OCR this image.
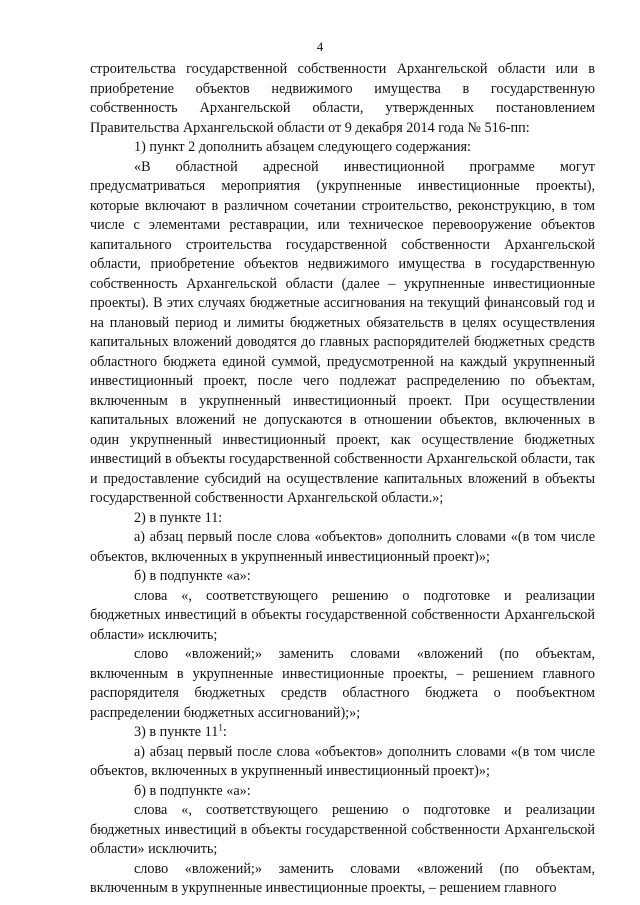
4

строительства государственной собственности Архангельской области или в приобретение объектов недвижимого имущества в государственную собственность Архангельской области, утвержденных постановлением Правительства Архангельской области от 9 декабря 2014 года № 516-пп:

1) пункт 2 дополнить абзацем следующего содержания:

«В областной адресной инвестиционной программе могут предусматриваться мероприятия (укрупненные инвестиционные проекты), которые включают в различном сочетании строительство, реконструкцию, в том числе с элементами реставрации, или техническое перевооружение объектов капитального строительства государственной собственности Архангельской области, приобретение объектов недвижимого имущества в государственную собственность Архангельской области (далее – укрупненные инвестиционные проекты). В этих случаях бюджетные ассигнования на текущий финансовый год и на плановый период и лимиты бюджетных обязательств в целях осуществления капитальных вложений доводятся до главных распорядителей бюджетных средств областного бюджета единой суммой, предусмотренной на каждый укрупненный инвестиционный проект, после чего подлежат распределению по объектам, включенным в укрупненный инвестиционный проект. При осуществлении капитальных вложений не допускаются в отношении объектов, включенных в один укрупненный инвестиционный проект, как осуществление бюджетных инвестиций в объекты государственной собственности Архангельской области, так и предоставление субсидий на осуществление капитальных вложений в объекты государственной собственности Архангельской области.»;

2) в пункте 11:

а) абзац первый после слова «объектов» дополнить словами «(в том числе объектов, включенных в укрупненный инвестиционный проект)»;

б) в подпункте «а»:

слова «, соответствующего решению о подготовке и реализации бюджетных инвестиций в объекты государственной собственности Архангельской области» исключить;

слово «вложений;» заменить словами «вложений (по объектам, включенным в укрупненные инвестиционные проекты, – решением главного распорядителя бюджетных средств областного бюджета о пообъектном распределении бюджетных ассигнований);»;

3) в пункте $11^1$:

а) абзац первый после слова «объектов» дополнить словами «(в том числе объектов, включенных в укрупненный инвестиционный проект)»;

б) в подпункте «а»:

слова «, соответствующего решению о подготовке и реализации бюджетных инвестиций в объекты государственной собственности Архангельской области» исключить;

слово «вложений;» заменить словами «вложений (по объектам, включенным в укрупненные инвестиционные проекты, – решением главного
